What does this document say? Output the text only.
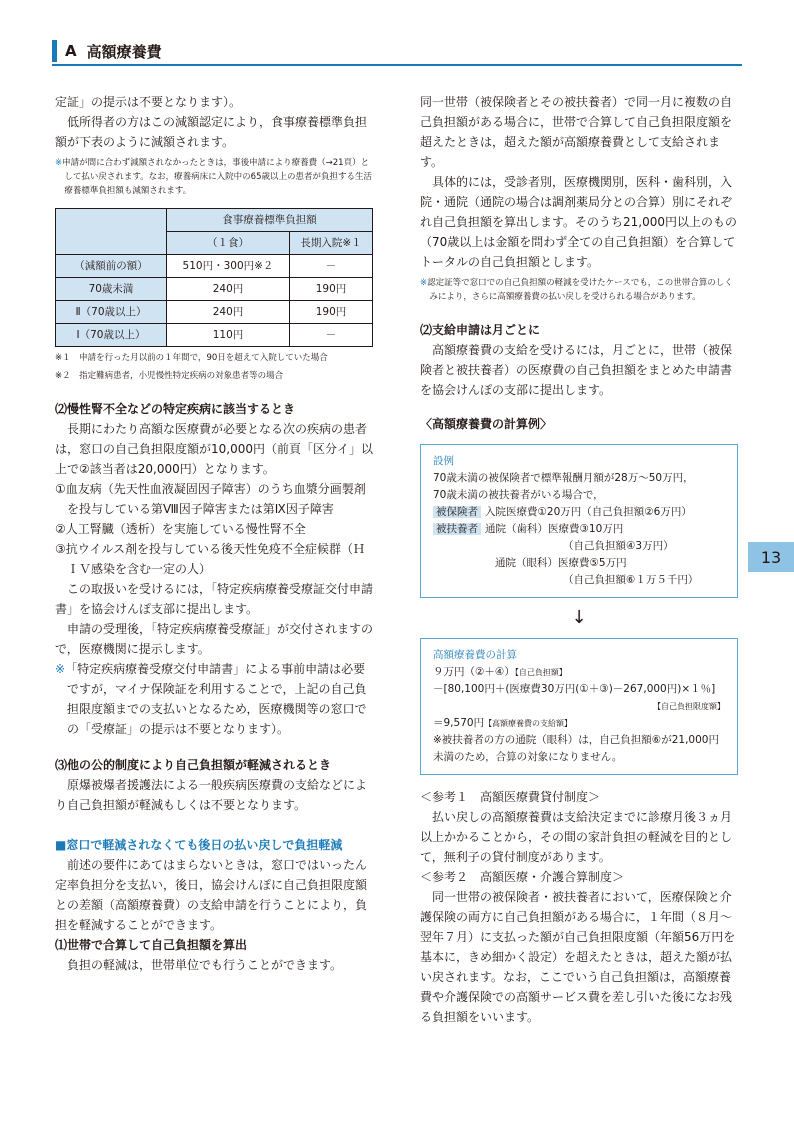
A 高額療養費

定証」の提示は不要となります）。

低所得者の方はこの減額認定により，食事療養標準負担額が下表のように減額されます。

※申請が間に合わず減額されなかったときは，事後申請により療養費（→21頁）として払い戻されます。なお，療養病床に入院中の65歳以上の患者が負担する生活療養標準負担額も減額されます。

	食事療養標準負担額	

	（１食）	長期入院※１
（減額前の額）	510円・300円※２	－
70歳未満	240円	190円
Ⅱ（70歳以上）	240円	190円
Ⅰ（70歳以上）	110円	－

※１　申請を行った月以前の１年間で，90日を超えて入院していた場合

※２　指定難病患者，小児慢性特定疾病の対象患者等の場合

⑵慢性腎不全などの特定疾病に該当するとき

長期にわたり高額な医療費が必要となる次の疾病の患者は，窓口の自己負担限度額が10,000円（前頁「区分イ」以上で②該当者は20,000円）となります。

①血友病（先天性血液凝固因子障害）のうち血漿分画製剤を投与している第Ⅷ因子障害または第Ⅸ因子障害

②人工腎臓（透析）を実施している慢性腎不全

③抗ウイルス剤を投与している後天性免疫不全症候群（ＨＩＶ感染を含む一定の人）

この取扱いを受けるには，「特定疾病療養受療証交付申請書」を協会けんぽ支部に提出します。

申請の受理後，「特定疾病療養受療証」が交付されますので，医療機関に提示します。

※「特定疾病療養受療交付申請書」による事前申請は必要ですが，マイナ保険証を利用することで，上記の自己負担限度額までの支払いとなるため，医療機関等の窓口での「受療証」の提示は不要となります）。

⑶他の公的制度により自己負担額が軽減されるとき

原爆被爆者援護法による一般疾病医療費の支給などにより自己負担額が軽減もしくは不要となります。

■窓口で軽減されなくても後日の払い戻しで負担軽減

前述の要件にあてはまらないときは，窓口ではいったん定率負担分を支払い，後日，協会けんぽに自己負担限度額との差額（高額療養費）の支給申請を行うことにより，負担を軽減することができます。

⑴世帯で合算して自己負担額を算出

負担の軽減は，世帯単位でも行うことができます。

同一世帯（被保険者とその被扶養者）で同一月に複数の自己負担額がある場合に，世帯で合算して自己負担限度額を超えたときは，超えた額が高額療養費として支給されます。

具体的には，受診者別，医療機関別，医科・歯科別，入院・通院（通院の場合は調剤薬局分との合算）別にそれぞれ自己負担額を算出します。そのうち21,000円以上のもの（70歳以上は金額を問わず全ての自己負担額）を合算してトータルの自己負担額とします。

※認定証等で窓口での自己負担額の軽減を受けたケースでも，この世帯合算のしくみにより，さらに高額療養費の払い戻しを受けられる場合があります。

⑵支給申請は月ごとに

高額療養費の支給を受けるには，月ごとに，世帯（被保険者と被扶養者）の医療費の自己負担額をまとめた申請書を協会けんぽの支部に提出します。

〈高額療養費の計算例〉

設例
70歳未満の被保険者で標準報酬月額が28万～50万円，
70歳未満の被扶養者がいる場合で，
被保険者 入院医療費①20万円（自己負担額②6万円）
被扶養者 通院（歯科）医療費③10万円
（自己負担額④3万円）
通院（眼科）医療費⑤5万円
（自己負担額⑥１万５千円）
↓
高額療養費の計算
９万円（②＋④）【自己負担額】
－[80,100円＋(医療費30万円(①＋③)－267,000円)×１％]
【自己負担限度額】
＝9,570円【高額療養費の支給額】
※被扶養者の方の通院（眼科）は，自己負担額⑥が21,000円未満のため，合算の対象になりません。

＜参考１　高額医療費貸付制度＞

払い戻しの高額療養費は支給決定までに診療月後３ヵ月以上かかることから，その間の家計負担の軽減を目的として，無利子の貸付制度があります。

＜参考２　高額医療・介護合算制度＞

同一世帯の被保険者・被扶養者において，医療保険と介護保険の両方に自己負担額がある場合に，１年間（８月～翌年７月）に支払った額が自己負担限度額（年額56万円を基本に，きめ細かく設定）を超えたときは，超えた額が払い戻されます。なお，ここでいう自己負担額は，高額療養費や介護保険での高額サービス費を差し引いた後になお残る負担額をいいます。

13
